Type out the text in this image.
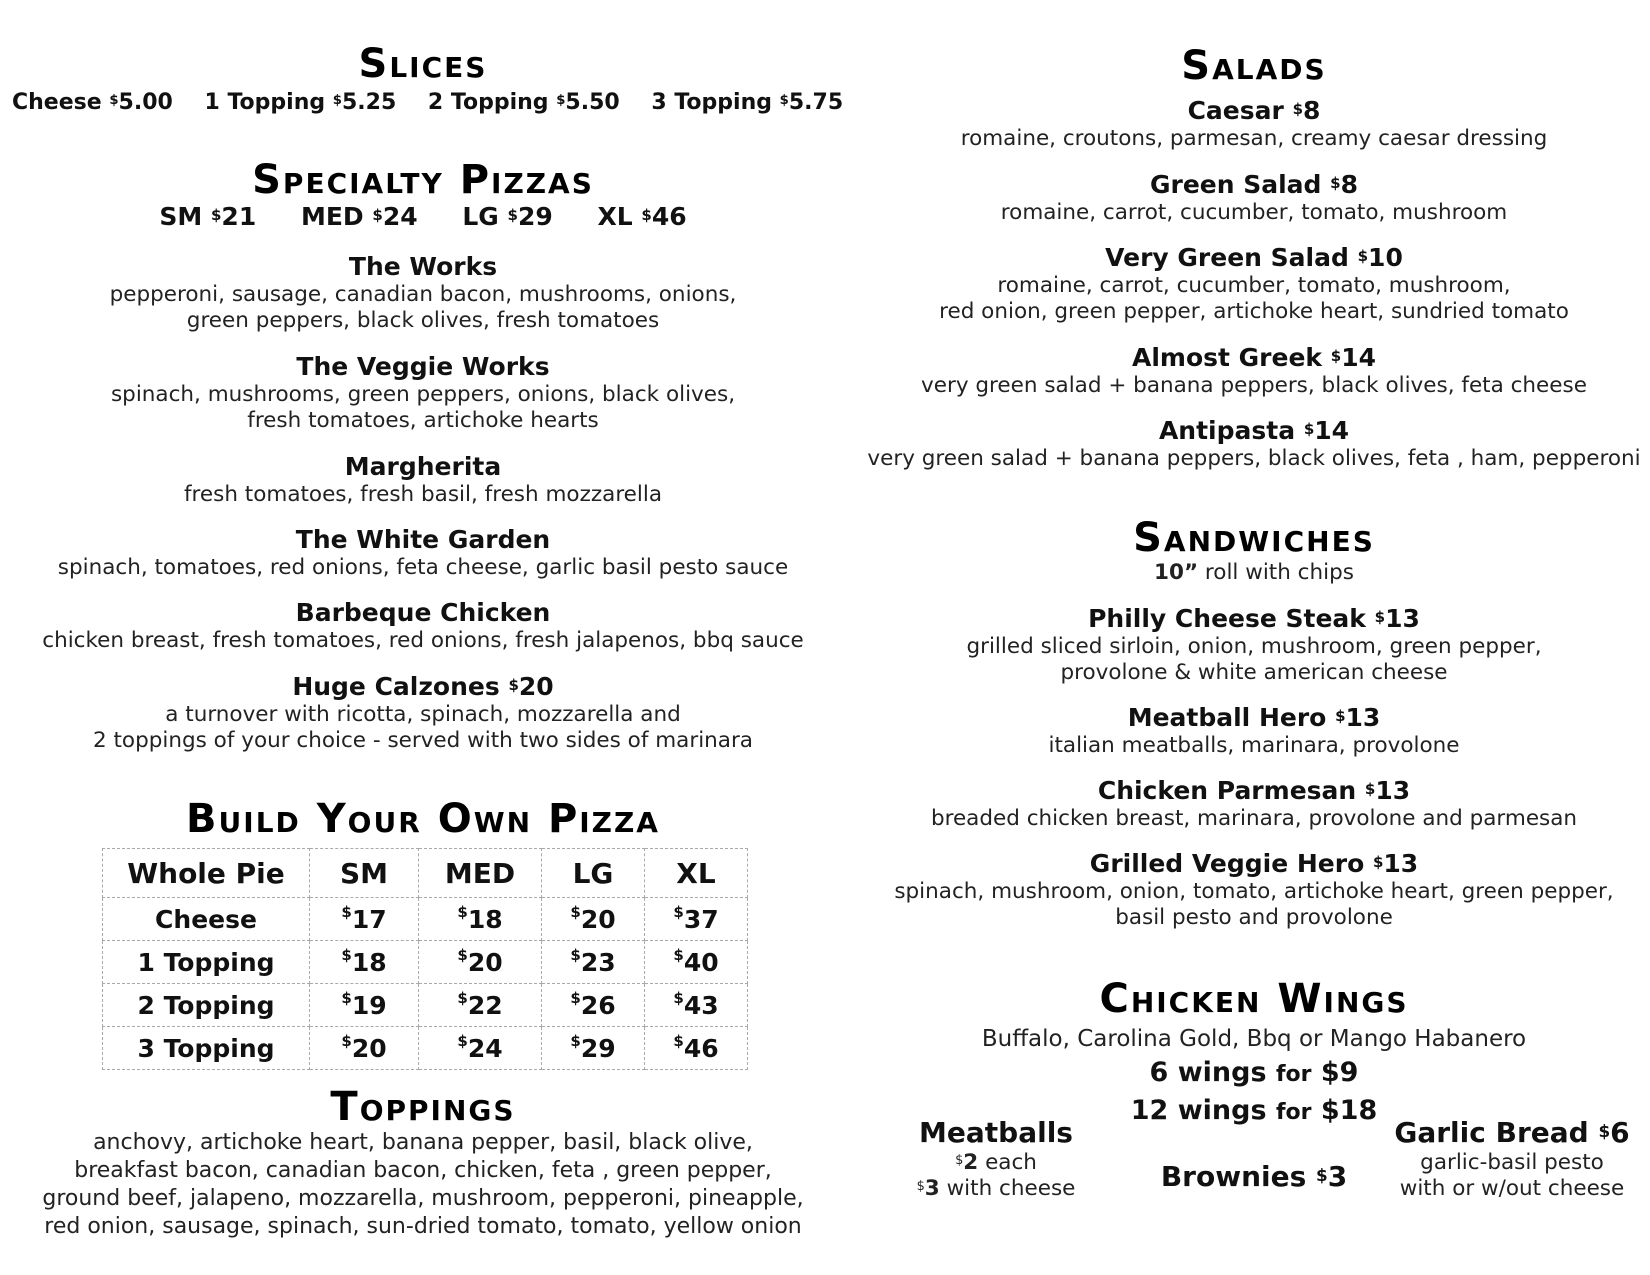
Slices
Cheese $5.00 1 Topping $5.25 2 Topping $5.50 3 Topping $5.75
Specialty Pizzas
SM $21 MED $24 LG $29 XL $46

The Works

pepperoni, sausage, canadian bacon, mushrooms, onions,

green peppers, black olives, fresh tomatoes

The Veggie Works

spinach, mushrooms, green peppers, onions, black olives,

fresh tomatoes, artichoke hearts

Margherita

fresh tomatoes, fresh basil, fresh mozzarella

The White Garden

spinach, tomatoes, red onions, feta cheese, garlic basil pesto sauce

Barbeque Chicken

chicken breast, fresh tomatoes, red onions, fresh jalapenos, bbq sauce

Huge Calzones $20

a turnover with ricotta, spinach, mozzarella and

2 toppings of your choice - served with two sides of marinara

Build Your Own Pizza
Whole Pie	SM	MED	LG	XL
Cheese	$17	$18	$20	$37
1 Topping	$18	$20	$23	$40
2 Topping	$19	$22	$26	$43
3 Topping	$20	$24	$29	$46
Toppings

anchovy, artichoke heart, banana pepper, basil, black olive,

breakfast bacon, canadian bacon, chicken, feta , green pepper,

ground beef, jalapeno, mozzarella, mushroom, pepperoni, pineapple,

red onion, sausage, spinach, sun-dried tomato, tomato, yellow onion

Salads

Caesar $8

romaine, croutons, parmesan, creamy caesar dressing

Green Salad $8

romaine, carrot, cucumber, tomato, mushroom

Very Green Salad $10

romaine, carrot, cucumber, tomato, mushroom,

red onion, green pepper, artichoke heart, sundried tomato

Almost Greek $14

very green salad + banana peppers, black olives, feta cheese

Antipasta $14

very green salad + banana peppers, black olives, feta , ham, pepperoni

Sandwiches

10” roll with chips

Philly Cheese Steak $13

grilled sliced sirloin, onion, mushroom, green pepper,

provolone & white american cheese

Meatball Hero $13

italian meatballs, marinara, provolone

Chicken Parmesan $13

breaded chicken breast, marinara, provolone and parmesan

Grilled Veggie Hero $13

spinach, mushroom, onion, tomato, artichoke heart, green pepper,

basil pesto and provolone

Chicken Wings

Buffalo, Carolina Gold, Bbq or Mango Habanero

6 wings for $9
12 wings for $18

Meatballs

$2 each

$3 with cheese	Brownies $3

Garlic Bread $6

garlic-basil pesto

with or w/out cheese
